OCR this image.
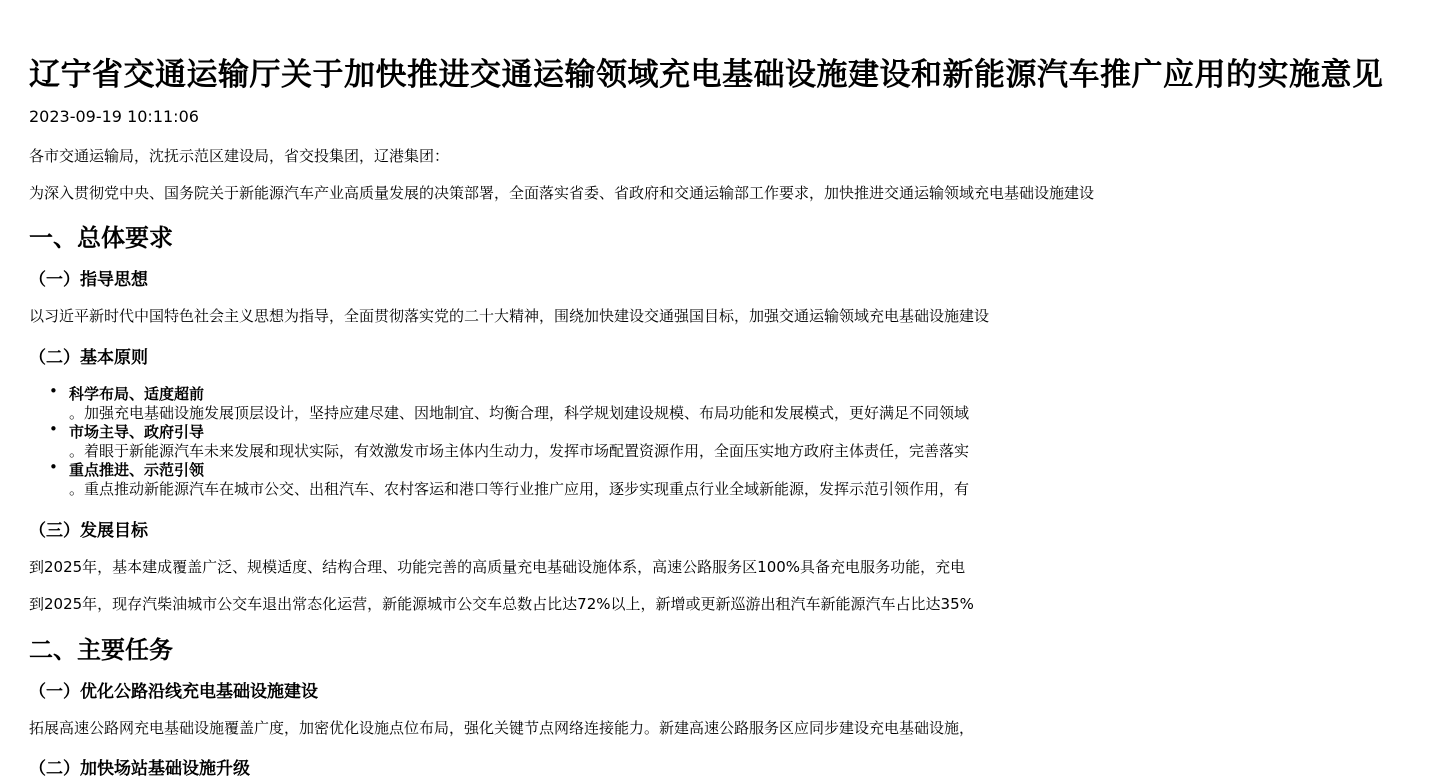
辽宁省交通运输厅关于加快推进交通运输领域充电基础设施建设和新能源汽车推广应用的实施意见
2023-09-19 10:11:06
各市交通运输局，沈抚示范区建设局，省交投集团，辽港集团：
为深入贯彻党中央、国务院关于新能源汽车产业高质量发展的决策部署，全面落实省委、省政府和交通运输部工作要求，加快推进交通运输领域充电基础设施建设
一、总体要求
（一）指导思想
以习近平新时代中国特色社会主义思想为指导，全面贯彻落实党的二十大精神，围绕加快建设交通强国目标，加强交通运输领域充电基础设施建设
（二）基本原则
• 科学布局、适度超前
。加强充电基础设施发展顶层设计，坚持应建尽建、因地制宜、均衡合理，科学规划建设规模、布局功能和发展模式，更好满足不同领域
• 市场主导、政府引导
。着眼于新能源汽车未来发展和现状实际，有效激发市场主体内生动力，发挥市场配置资源作用，全面压实地方政府主体责任，完善落实
• 重点推进、示范引领
。重点推动新能源汽车在城市公交、出租汽车、农村客运和港口等行业推广应用，逐步实现重点行业全域新能源，发挥示范引领作用，有
（三）发展目标
到2025年，基本建成覆盖广泛、规模适度、结构合理、功能完善的高质量充电基础设施体系，高速公路服务区100%具备充电服务功能，充电
到2025年，现存汽柴油城市公交车退出常态化运营，新能源城市公交车总数占比达72%以上，新增或更新巡游出租汽车新能源汽车占比达35%
二、主要任务
（一）优化公路沿线充电基础设施建设
拓展高速公路网充电基础设施覆盖广度，加密优化设施点位布局，强化关键节点网络连接能力。新建高速公路服务区应同步建设充电基础设施，
（二）加快场站基础设施升级
